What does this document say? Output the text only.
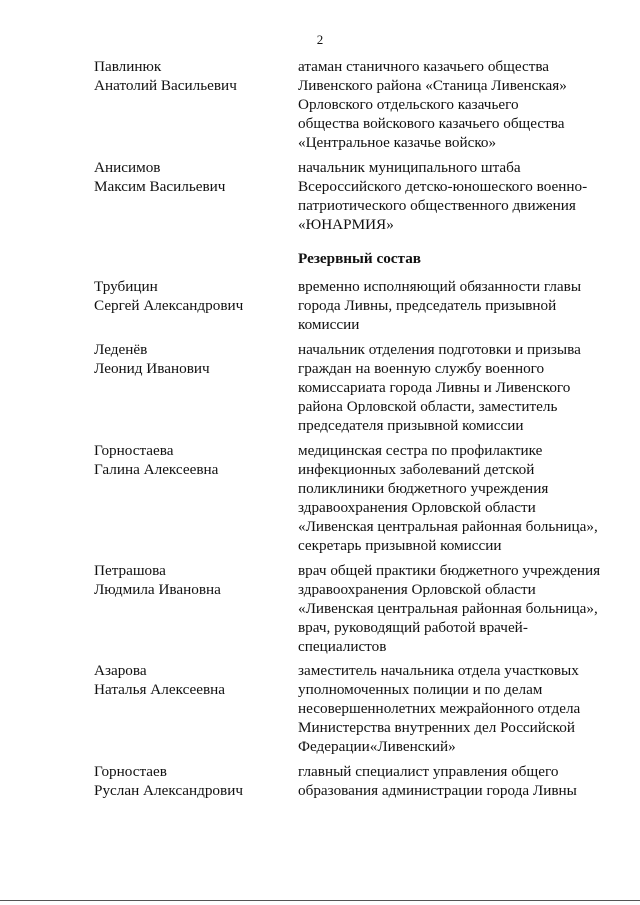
2
Павлинюк
Анатолий Васильевич
атаман станичного казачьего общества
Ливенского района «Станица Ливенская»
Орловского отдельского казачьего
общества войскового казачьего общества
«Центральное казачье войско»
Анисимов
Максим Васильевич
начальник муниципального штаба
Всероссийского детско-юношеского военно-
патриотического общественного движения
«ЮНАРМИЯ»
Резервный состав
Трубицин
Сергей Александрович
временно исполняющий обязанности главы
города Ливны, председатель призывной
комиссии
Леденёв
Леонид Иванович
начальник отделения подготовки и призыва
граждан на военную службу военного
комиссариата города Ливны и Ливенского
района Орловской области, заместитель
председателя призывной комиссии
Горностаева
Галина Алексеевна
медицинская сестра по профилактике
инфекционных заболеваний детской
поликлиники бюджетного учреждения
здравоохранения Орловской области
«Ливенская центральная районная больница»,
секретарь призывной комиссии
Петрашова
Людмила Ивановна
врач общей практики бюджетного учреждения
здравоохранения Орловской области
«Ливенская центральная районная больница»,
врач, руководящий работой врачей-
специалистов
Азарова
Наталья Алексеевна
заместитель начальника отдела участковых
уполномоченных полиции и по делам
несовершеннолетних межрайонного отдела
Министерства внутренних дел Российской
Федерации«Ливенский»
Горностаев
Руслан Александрович
главный специалист управления общего
образования администрации города Ливны
